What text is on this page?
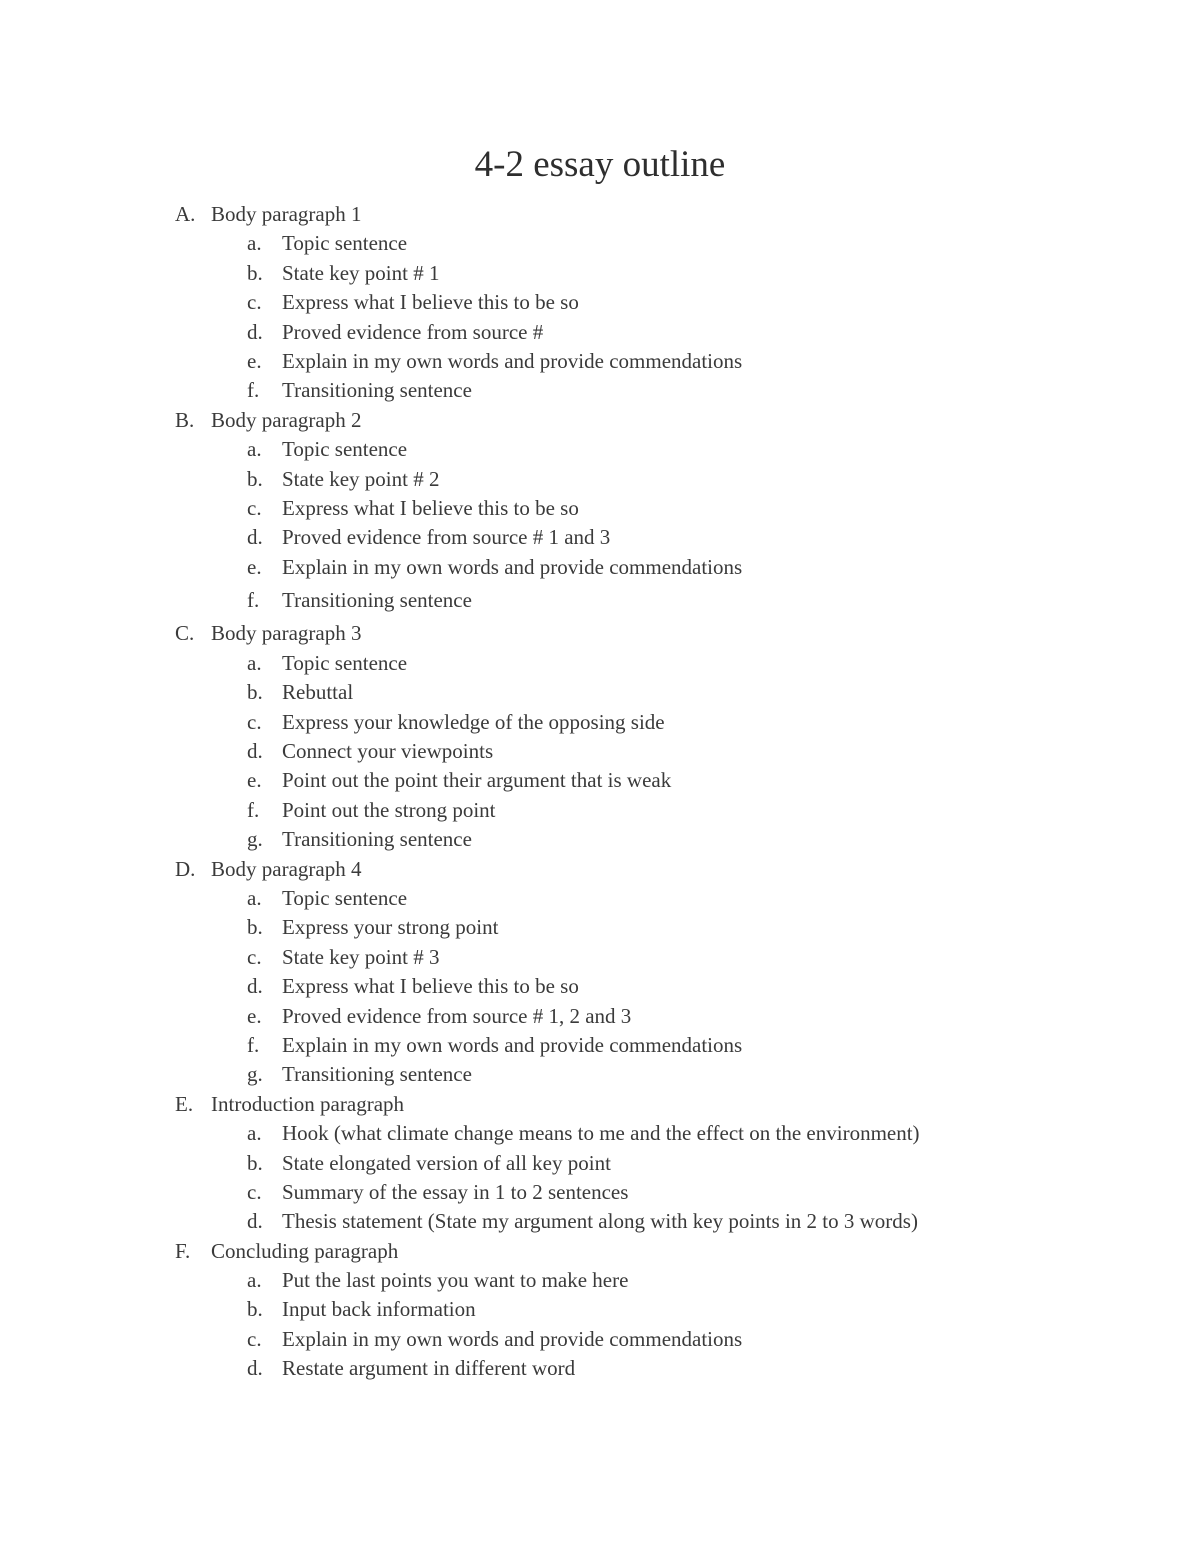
4-2 essay outline
A. Body paragraph 1
a. Topic sentence
b. State key point # 1
c. Express what I believe this to be so
d. Proved evidence from source #
e. Explain in my own words and provide commendations
f. Transitioning sentence
B. Body paragraph 2
a. Topic sentence
b. State key point # 2
c. Express what I believe this to be so
d. Proved evidence from source # 1 and 3
e. Explain in my own words and provide commendations
f. Transitioning sentence
C. Body paragraph 3
a. Topic sentence
b. Rebuttal
c. Express your knowledge of the opposing side
d. Connect your viewpoints
e. Point out the point their argument that is weak
f. Point out the strong point
g. Transitioning sentence
D. Body paragraph 4
a. Topic sentence
b. Express your strong point
c. State key point # 3
d. Express what I believe this to be so
e. Proved evidence from source # 1, 2 and 3
f. Explain in my own words and provide commendations
g. Transitioning sentence
E. Introduction paragraph
a. Hook (what climate change means to me and the effect on the environment)
b. State elongated version of all key point
c. Summary of the essay in 1 to 2 sentences
d. Thesis statement (State my argument along with key points in 2 to 3 words)
F. Concluding paragraph
a. Put the last points you want to make here
b. Input back information
c. Explain in my own words and provide commendations
d. Restate argument in different word
